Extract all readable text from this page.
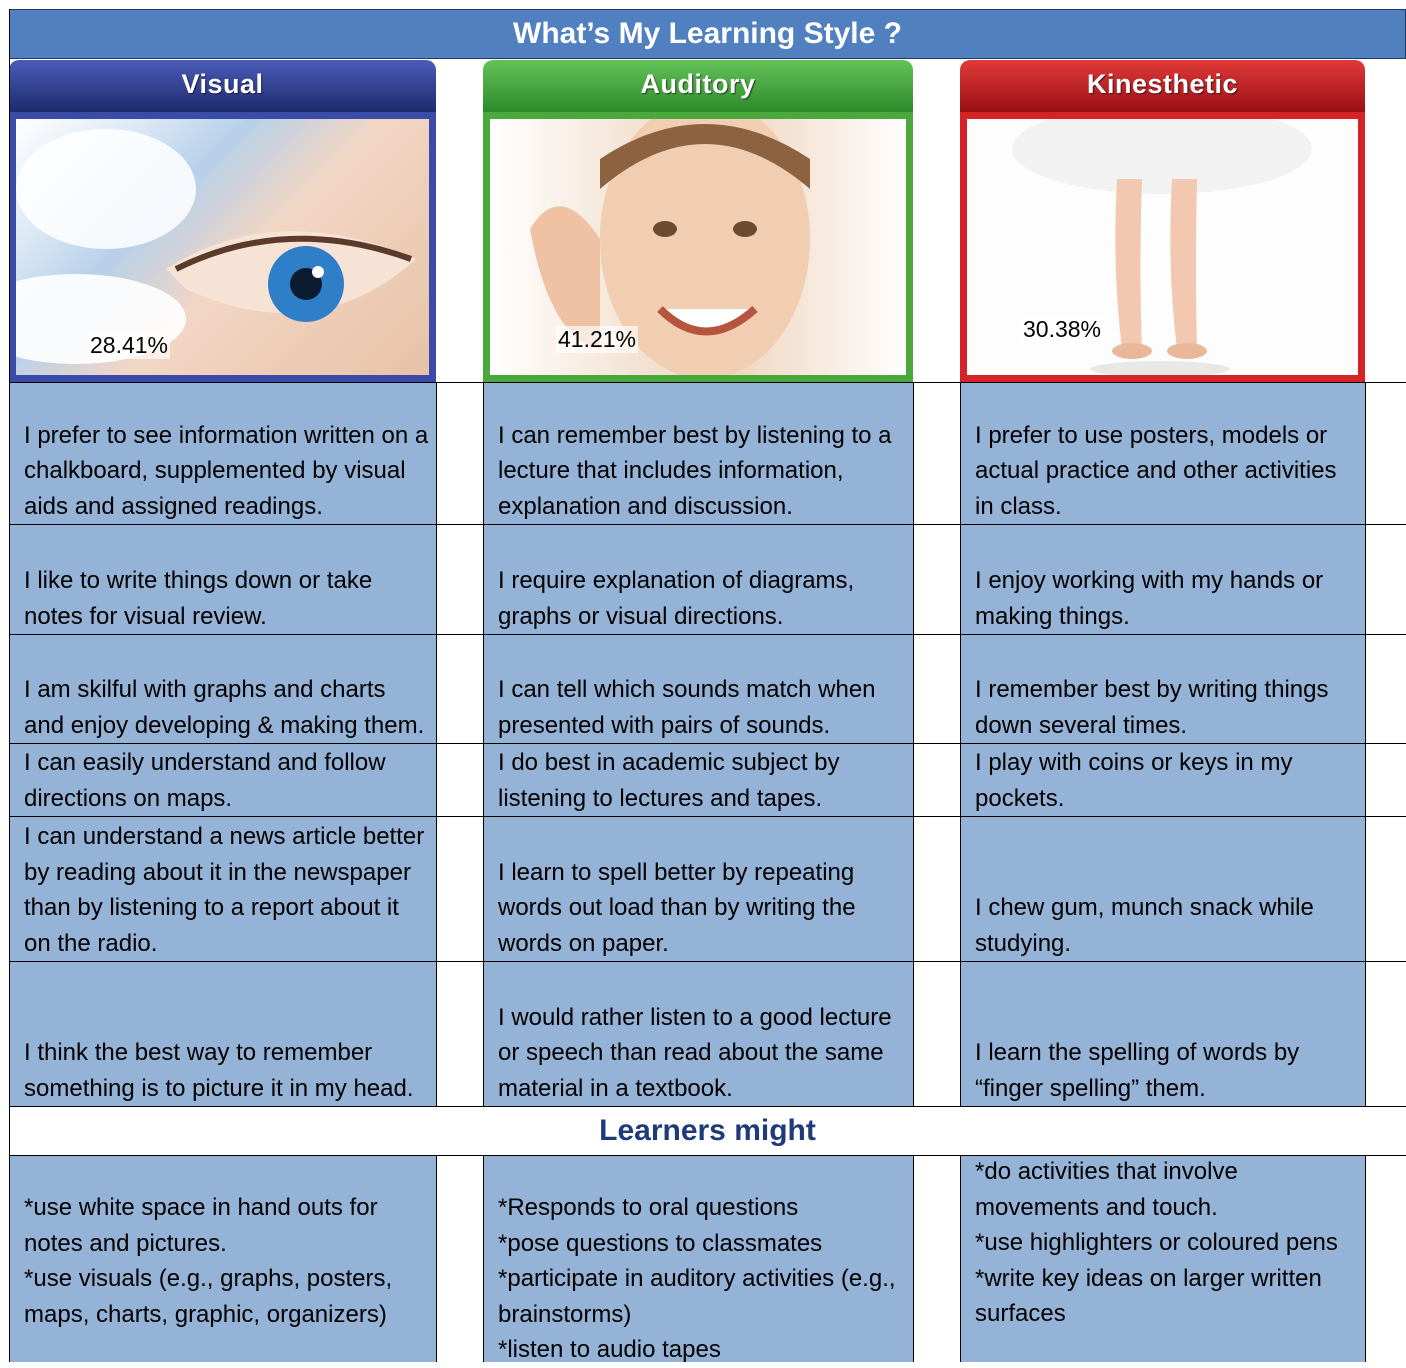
What’s My Learning Style ?
Visual
28.41%
Auditory
41.21%
Kinesthetic
30.38%
I prefer to see information written on a chalkboard, supplemented by visual aids and assigned readings.
I can remember best by listening to a lecture that includes information, explanation and discussion.
I prefer to use posters, models or actual practice and other activities in class.
I like to write things down or take notes for visual review.
I require explanation of diagrams, graphs or visual directions.
I enjoy working with my hands or making things.
I am skilful with graphs and charts and enjoy developing & making them.
I can tell which sounds match when presented with pairs of sounds.
I remember best by writing things down several times.
I can easily understand and follow directions on maps.
I do best in academic subject by listening to lectures and tapes.
I play with coins or keys in my pockets.
I can understand a news article better by reading about it in the newspaper than by listening to a report about it on the radio.
I learn to spell better by repeating words out load than by writing the words on paper.
I chew gum, munch snack while studying.
I think the best way to remember something is to picture it in my head.
I would rather listen to a good lecture or speech than read about the same material in a textbook.
I learn the spelling of words by “finger spelling” them.
Learners might
*use white space in hand outs for notes and pictures.
*use visuals (e.g., graphs, posters, maps, charts, graphic, organizers)
*Responds to oral questions
*pose questions to classmates
*participate in auditory activities (e.g., brainstorms)
*listen to audio tapes
*do activities that involve movements and touch.
*use highlighters or coloured pens
*write key ideas on larger written surfaces
